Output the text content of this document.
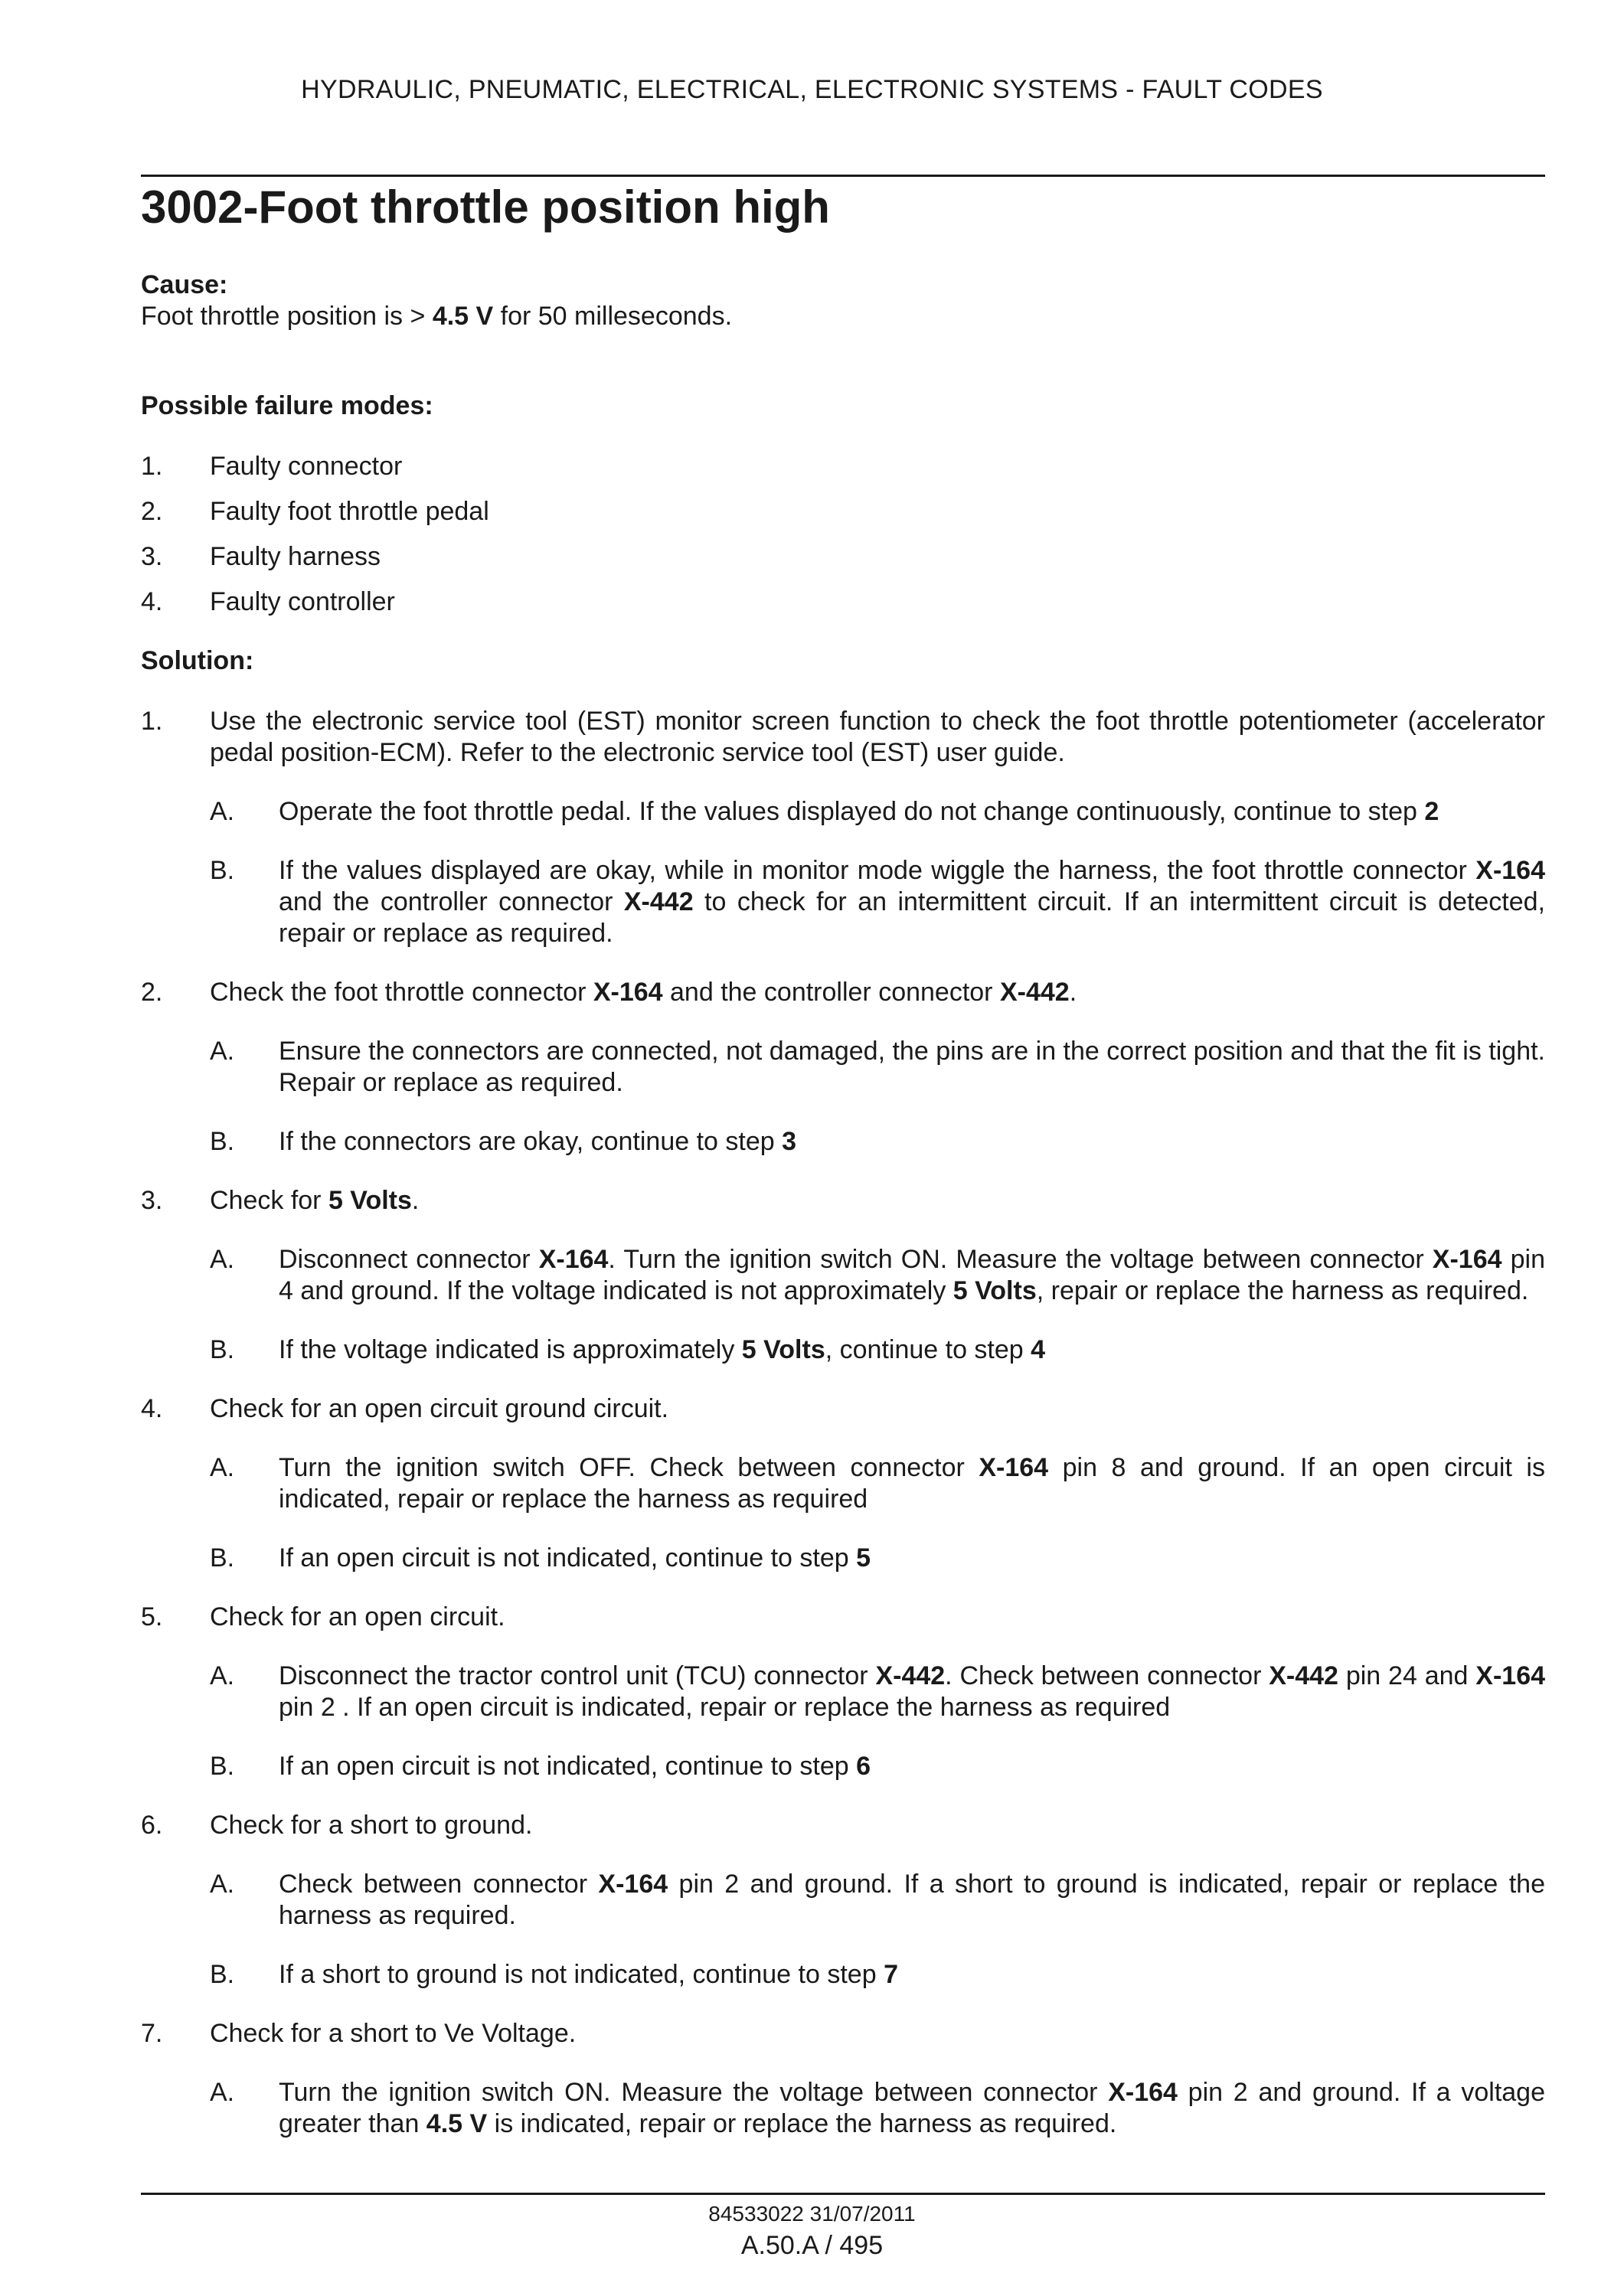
HYDRAULIC, PNEUMATIC, ELECTRICAL, ELECTRONIC SYSTEMS - FAULT CODES
3002-Foot throttle position high

Cause:

Foot throttle position is > 4.5 V for 50 milleseconds.

Possible failure modes:

1.	Faulty connector
2.	Faulty foot throttle pedal
3.	Faulty harness
4.	Faulty controller

Solution:

1.	Use the electronic service tool (EST) monitor screen function to check the foot throttle potentiometer (accelerator pedal position-ECM). Refer to the electronic service tool (EST) user guide.
A.	Operate the foot throttle pedal. If the values displayed do not change continuously, continue to step 2
B.	If the values displayed are okay, while in monitor mode wiggle the harness, the foot throttle connector X-164 and the controller connector X-442 to check for an intermittent circuit. If an intermittent circuit is detected, repair or replace as required.
2.	Check the foot throttle connector X-164 and the controller connector X-442.
A.	Ensure the connectors are connected, not damaged, the pins are in the correct position and that the fit is tight. Repair or replace as required.
B.	If the connectors are okay, continue to step 3
3.	Check for 5 Volts.
A.	Disconnect connector X-164. Turn the ignition switch ON. Measure the voltage between connector X-164 pin 4 and ground. If the voltage indicated is not approximately 5 Volts, repair or replace the harness as required.
B.	If the voltage indicated is approximately 5 Volts, continue to step 4
4.	Check for an open circuit ground circuit.
A.	Turn the ignition switch OFF. Check between connector X-164 pin 8 and ground. If an open circuit is indicated, repair or replace the harness as required
B.	If an open circuit is not indicated, continue to step 5
5.	Check for an open circuit.
A.	Disconnect the tractor control unit (TCU) connector X-442. Check between connector X-442 pin 24 and X-164 pin 2 . If an open circuit is indicated, repair or replace the harness as required
B.	If an open circuit is not indicated, continue to step 6
6.	Check for a short to ground.
A.	Check between connector X-164 pin 2 and ground. If a short to ground is indicated, repair or replace the harness as required.
B.	If a short to ground is not indicated, continue to step 7
7.	Check for a short to Ve Voltage.
A.	Turn the ignition switch ON. Measure the voltage between connector X-164 pin 2 and ground. If a voltage greater than 4.5 V is indicated, repair or replace the harness as required.
84533022 31/07/2011
A.50.A / 495
